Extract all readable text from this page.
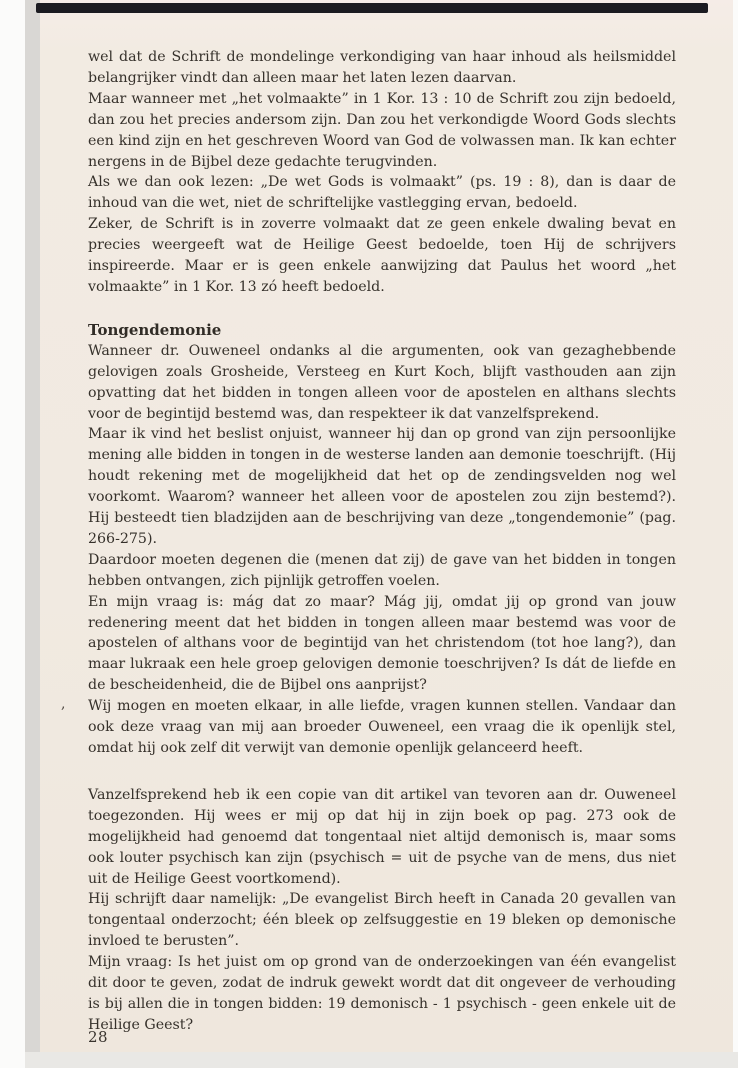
wel dat de Schrift de mondelinge verkondiging van haar inhoud als heilsmiddel belangrijker vindt dan alleen maar het laten lezen daarvan.

Maar wanneer met „het volmaakte” in 1 Kor. 13 : 10 de Schrift zou zijn bedoeld, dan zou het precies andersom zijn. Dan zou het verkondigde Woord Gods slechts een kind zijn en het geschreven Woord van God de volwassen man. Ik kan echter nergens in de Bijbel deze gedachte terugvinden.

Als we dan ook lezen: „De wet Gods is volmaakt” (ps. 19 : 8), dan is daar de inhoud van die wet, niet de schriftelijke vastlegging ervan, bedoeld.

Zeker, de Schrift is in zoverre volmaakt dat ze geen enkele dwaling bevat en precies weergeeft wat de Heilige Geest bedoelde, toen Hij de schrijvers inspireerde. Maar er is geen enkele aanwijzing dat Paulus het woord „het volmaakte” in 1 Kor. 13 zó heeft bedoeld.

Tongendemonie

Wanneer dr. Ouweneel ondanks al die argumenten, ook van gezaghebbende gelovigen zoals Grosheide, Versteeg en Kurt Koch, blijft vasthouden aan zijn opvatting dat het bidden in tongen alleen voor de apostelen en althans slechts voor de begintijd bestemd was, dan respekteer ik dat vanzelfsprekend.

Maar ik vind het beslist onjuist, wanneer hij dan op grond van zijn persoonlijke mening alle bidden in tongen in de westerse landen aan demonie toeschrijft. (Hij houdt rekening met de mogelijkheid dat het op de zendingsvelden nog wel voorkomt. Waarom? wanneer het alleen voor de apostelen zou zijn bestemd?). Hij besteedt tien bladzijden aan de beschrijving van deze „tongendemonie” (pag. 266-275).

Daardoor moeten degenen die (menen dat zij) de gave van het bidden in tongen hebben ontvangen, zich pijnlijk getroffen voelen.

En mijn vraag is: mág dat zo maar? Mág jij, omdat jij op grond van jouw redenering meent dat het bidden in tongen alleen maar bestemd was voor de apostelen of althans voor de begintijd van het christendom (tot hoe lang?), dan maar lukraak een hele groep gelovigen demonie toeschrijven? Is dát de liefde en de bescheidenheid, die de Bijbel ons aanprijst?

Wij mogen en moeten elkaar, in alle liefde, vragen kunnen stellen. Vandaar dan ook deze vraag van mij aan broeder Ouweneel, een vraag die ik openlijk stel, omdat hij ook zelf dit verwijt van demonie openlijk gelanceerd heeft.

Vanzelfsprekend heb ik een copie van dit artikel van tevoren aan dr. Ouweneel toegezonden. Hij wees er mij op dat hij in zijn boek op pag. 273 ook de mogelijkheid had genoemd dat tongentaal niet altijd demonisch is, maar soms ook louter psychisch kan zijn (psychisch = uit de psyche van de mens, dus niet uit de Heilige Geest voortkomend).

Hij schrijft daar namelijk: „De evangelist Birch heeft in Canada 20 gevallen van tongentaal onderzocht; één bleek op zelfsuggestie en 19 bleken op demonische invloed te berusten”.

Mijn vraag: Is het juist om op grond van de onderzoekingen van één evangelist dit door te geven, zodat de indruk gewekt wordt dat dit ongeveer de verhouding is bij allen die in tongen bidden: 19 demonisch - 1 psychisch - geen enkele uit de Heilige Geest?

,
28
